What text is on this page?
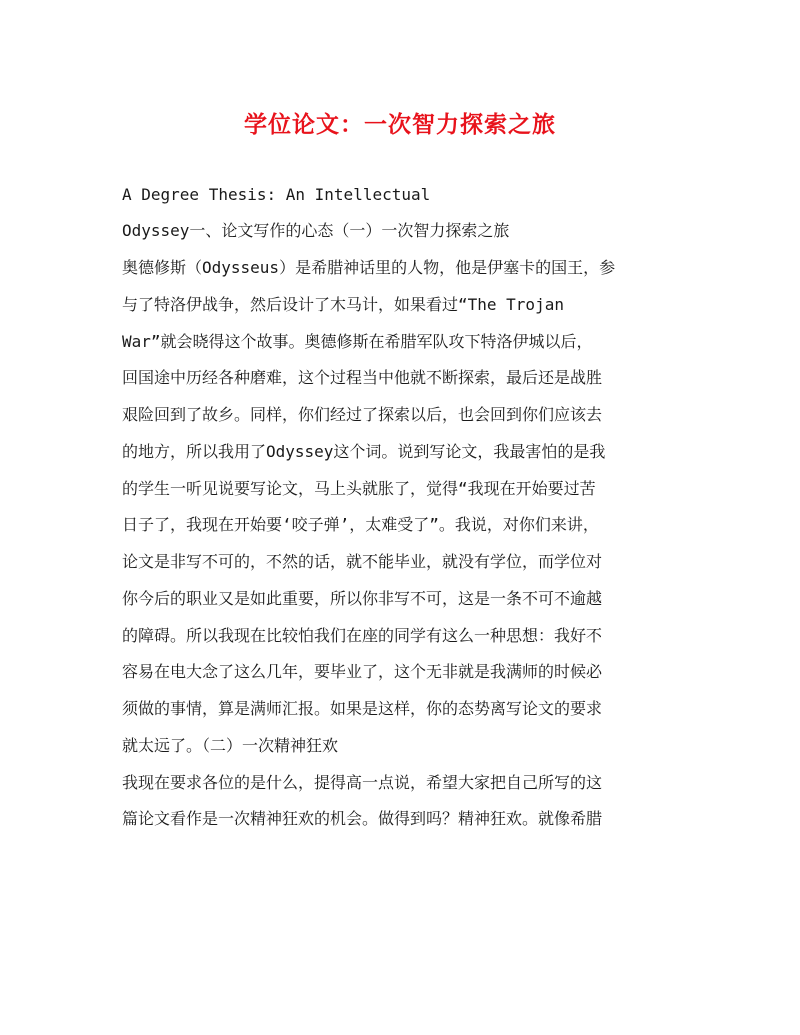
学位论文：一次智力探索之旅
A Degree Thesis: An Intellectual
Odyssey一、论文写作的心态（一）一次智力探索之旅
奥德修斯（Odysseus）是希腊神话里的人物，他是伊塞卡的国王，参
与了特洛伊战争，然后设计了木马计，如果看过“The Trojan
War”就会晓得这个故事。奥德修斯在希腊军队攻下特洛伊城以后，
回国途中历经各种磨难，这个过程当中他就不断探索，最后还是战胜
艰险回到了故乡。同样，你们经过了探索以后，也会回到你们应该去
的地方，所以我用了Odyssey这个词。说到写论文，我最害怕的是我
的学生一听见说要写论文，马上头就胀了，觉得“我现在开始要过苦
日子了，我现在开始要‘咬子弹’，太难受了”。我说，对你们来讲，
论文是非写不可的，不然的话，就不能毕业，就没有学位，而学位对
你今后的职业又是如此重要，所以你非写不可，这是一条不可不逾越
的障碍。所以我现在比较怕我们在座的同学有这么一种思想：我好不
容易在电大念了这么几年，要毕业了，这个无非就是我满师的时候必
须做的事情，算是满师汇报。如果是这样，你的态势离写论文的要求
就太远了。（二）一次精神狂欢
我现在要求各位的是什么，提得高一点说，希望大家把自己所写的这
篇论文看作是一次精神狂欢的机会。做得到吗？精神狂欢。就像希腊
